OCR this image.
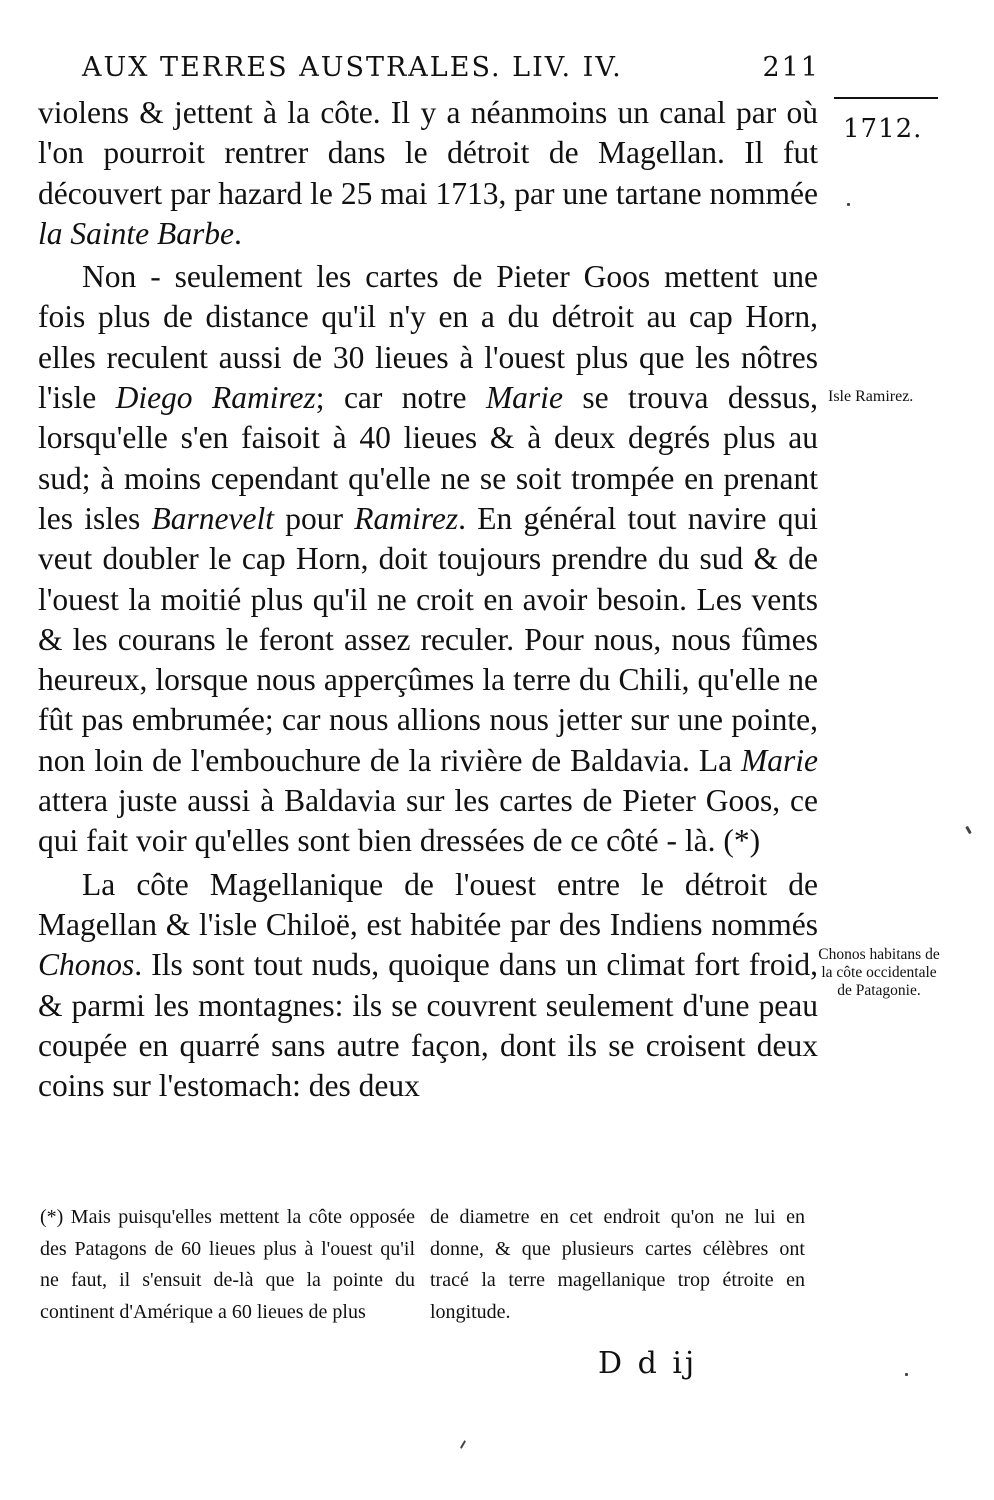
AUX TERRES AUSTRALES. LIV. IV.	211
1712.

violens & jettent à la côte. Il y a néanmoins un canal par où l'on pourroit rentrer dans le détroit de Magellan. Il fut découvert par hazard le 25 mai 1713, par une tartane nommée la Sainte Barbe.

Non - seulement les cartes de Pieter Goos mettent une fois plus de distance qu'il n'y en a du détroit au cap Horn, elles reculent aussi de 30 lieues à l'ouest plus que les nôtres l'isle Diego Ramirez; car notre Marie se trouva dessus, lorsqu'elle s'en faisoit à 40 lieues & à deux degrés plus au sud; à moins cependant qu'elle ne se soit trompée en prenant les isles Barnevelt pour Ramirez. En général tout navire qui veut doubler le cap Horn, doit toujours prendre du sud & de l'ouest la moitié plus qu'il ne croit en avoir besoin. Les vents & les courans le feront assez reculer. Pour nous, nous fûmes heureux, lorsque nous apperçûmes la terre du Chili, qu'elle ne fût pas embrumée; car nous allions nous jetter sur une pointe, non loin de l'embouchure de la rivière de Baldavia. La Marie attera juste aussi à Baldavia sur les cartes de Pieter Goos, ce qui fait voir qu'elles sont bien dressées de ce côté - là. (*)

La côte Magellanique de l'ouest entre le détroit de Magellan & l'isle Chiloë, est habitée par des Indiens nommés Chonos. Ils sont tout nuds, quoique dans un climat fort froid, & parmi les montagnes: ils se couvrent seulement d'une peau coupée en quarré sans autre façon, dont ils se croisent deux coins sur l'estomach: des deux

Isle Ramirez.
Chonos habitans de la côte occidentale de Patagonie.

(*) Mais puisqu'elles mettent la côte opposée des Patagons de 60 lieues plus à l'ouest qu'il ne faut, il s'ensuit de-là que la pointe du continent d'Amérique a 60 lieues de plus

de diametre en cet endroit qu'on ne lui en donne, & que plusieurs cartes célèbres ont tracé la terre magellanique trop étroite en longitude.

D d ij
